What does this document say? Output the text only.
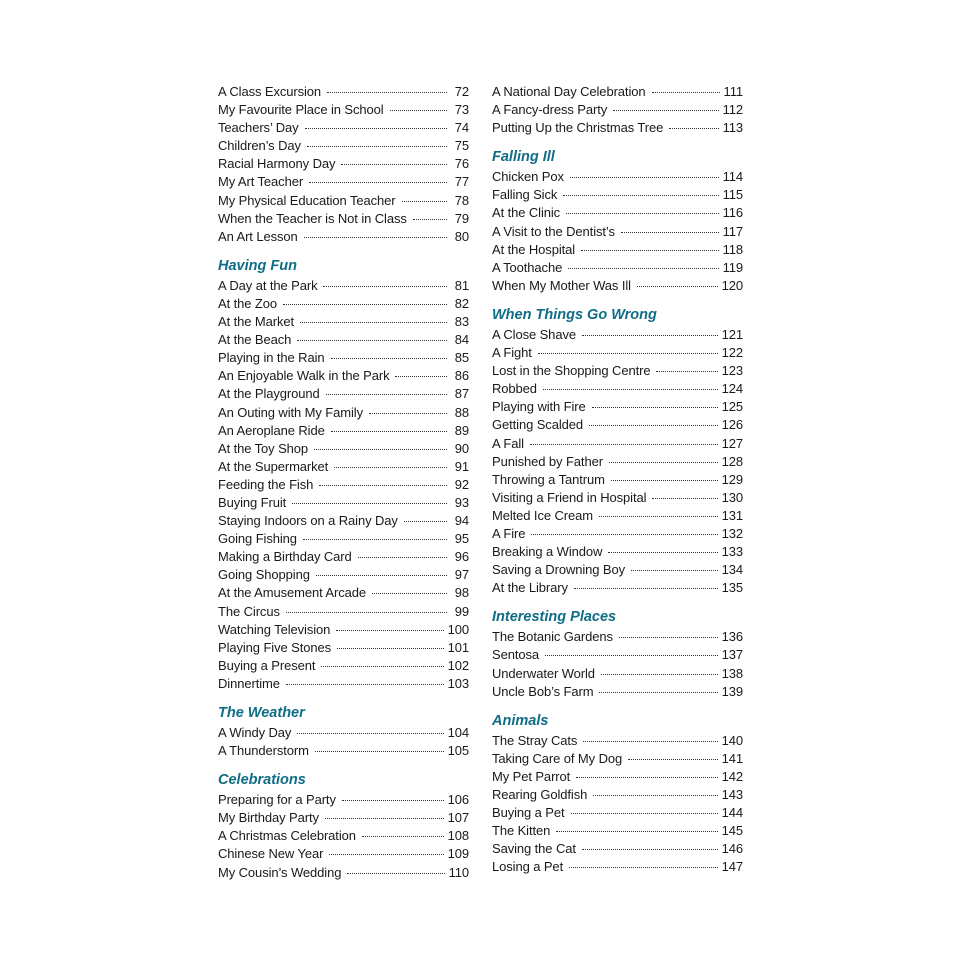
A Class Excursion	72
My Favourite Place in School	73
Teachers’ Day	74
Children’s Day	75
Racial Harmony Day	76
My Art Teacher	77
My Physical Education Teacher	78
When the Teacher is Not in Class	79
An Art Lesson	80
Having Fun
A Day at the Park	81
At the Zoo	82
At the Market	83
At the Beach	84
Playing in the Rain	85
An Enjoyable Walk in the Park	86
At the Playground	87
An Outing with My Family	88
An Aeroplane Ride	89
At the Toy Shop	90
At the Supermarket	91
Feeding the Fish	92
Buying Fruit	93
Staying Indoors on a Rainy Day	94
Going Fishing	95
Making a Birthday Card	96
Going Shopping	97
At the Amusement Arcade	98
The Circus	99
Watching Television	100
Playing Five Stones	101
Buying a Present	102
Dinnertime	103
The Weather
A Windy Day	104
A Thunderstorm	105
Celebrations
Preparing for a Party	106
My Birthday Party	107
A Christmas Celebration	108
Chinese New Year	109
My Cousin’s Wedding	110
A National Day Celebration	111
A Fancy-dress Party	112
Putting Up the Christmas Tree	113
Falling Ill
Chicken Pox	114
Falling Sick	115
At the Clinic	116
A Visit to the Dentist’s	117
At the Hospital	118
A Toothache	119
When My Mother Was Ill	120
When Things Go Wrong
A Close Shave	121
A Fight	122
Lost in the Shopping Centre	123
Robbed	124
Playing with Fire	125
Getting Scalded	126
A Fall	127
Punished by Father	128
Throwing a Tantrum	129
Visiting a Friend in Hospital	130
Melted Ice Cream	131
A Fire	132
Breaking a Window	133
Saving a Drowning Boy	134
At the Library	135
Interesting Places
The Botanic Gardens	136
Sentosa	137
Underwater World	138
Uncle Bob’s Farm	139
Animals
The Stray Cats	140
Taking Care of My Dog	141
My Pet Parrot	142
Rearing Goldfish	143
Buying a Pet	144
The Kitten	145
Saving the Cat	146
Losing a Pet	147
